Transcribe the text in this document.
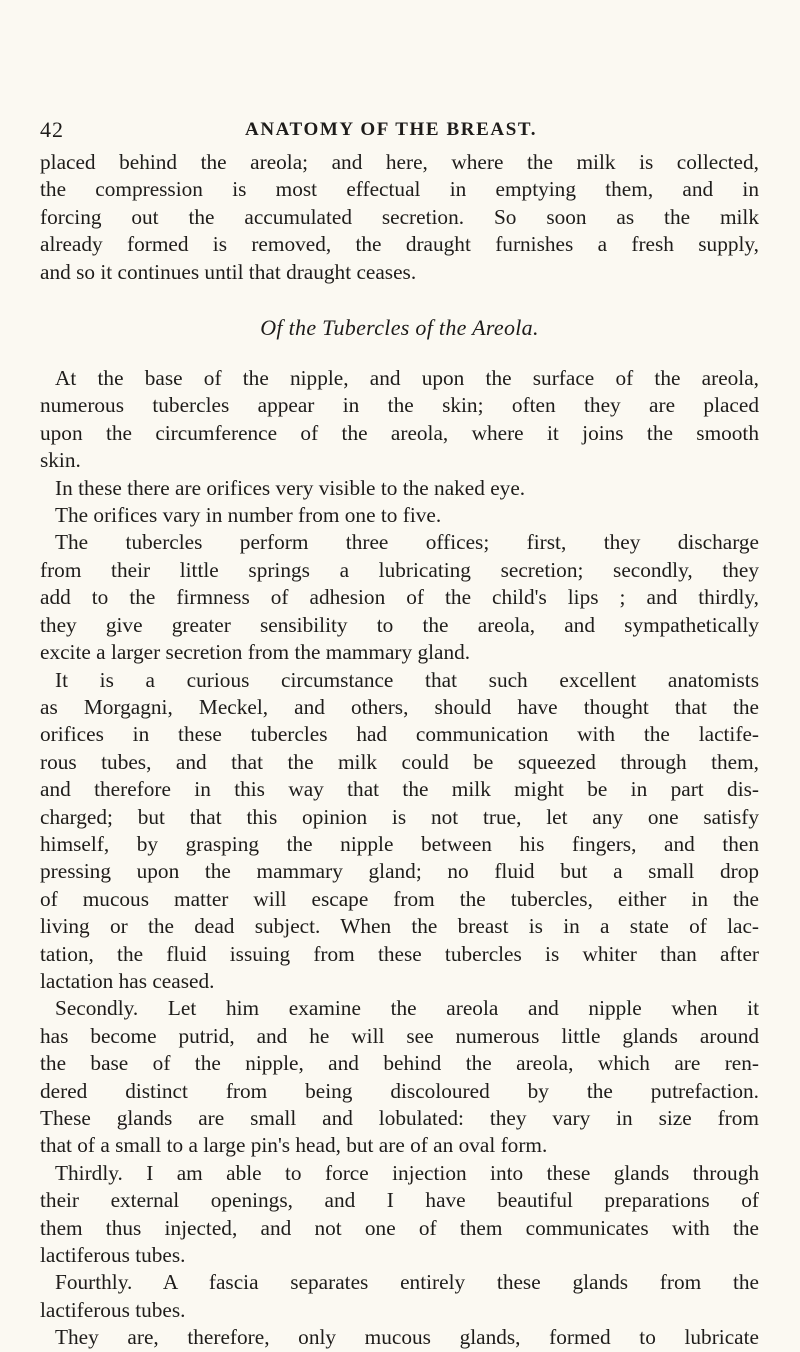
42	ANATOMY OF THE BREAST.

placed behind the areola; and here, where the milk is collected,

the compression is most effectual in emptying them, and in

forcing out the accumulated secretion. So soon as the milk

already formed is removed, the draught furnishes a fresh supply,

and so it continues until that draught ceases.

Of the Tubercles of the Areola.

At the base of the nipple, and upon the surface of the areola,

numerous tubercles appear in the skin; often they are placed

upon the circumference of the areola, where it joins the smooth

skin.

In these there are orifices very visible to the naked eye.

The orifices vary in number from one to five.

The tubercles perform three offices; first, they discharge

from their little springs a lubricating secretion; secondly, they

add to the firmness of adhesion of the child's lips ; and thirdly,

they give greater sensibility to the areola, and sympathetically

excite a larger secretion from the mammary gland.

It is a curious circumstance that such excellent anatomists

as Morgagni, Meckel, and others, should have thought that the

orifices in these tubercles had communication with the lactife-

rous tubes, and that the milk could be squeezed through them,

and therefore in this way that the milk might be in part dis-

charged; but that this opinion is not true, let any one satisfy

himself, by grasping the nipple between his fingers, and then

pressing upon the mammary gland; no fluid but a small drop

of mucous matter will escape from the tubercles, either in the

living or the dead subject. When the breast is in a state of lac-

tation, the fluid issuing from these tubercles is whiter than after

lactation has ceased.

Secondly. Let him examine the areola and nipple when it

has become putrid, and he will see numerous little glands around

the base of the nipple, and behind the areola, which are ren-

dered distinct from being discoloured by the putrefaction.

These glands are small and lobulated: they vary in size from

that of a small to a large pin's head, but are of an oval form.

Thirdly. I am able to force injection into these glands through

their external openings, and I have beautiful preparations of

them thus injected, and not one of them communicates with the

lactiferous tubes.

Fourthly. A fascia separates entirely these glands from the

lactiferous tubes.

They are, therefore, only mucous glands, formed to lubricate
